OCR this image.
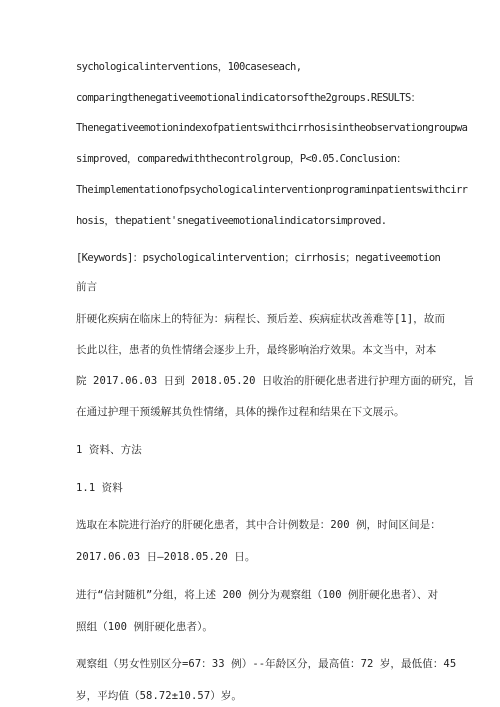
sychologicalinterventions，100caseseach,
comparingthenegativeemotionalindicatorsofthe2groups.RESULTS：
Thenegativeemotionindexofpatientswithcirrhosisintheobservationgroupwa
simproved，comparedwiththecontrolgroup，P<0.05.Conclusion：
Theimplementationofpsychologicalinterventionprograminpatientswithcirr
hosis，thepatient'snegativeemotionalindicatorsimproved.
[Keywords]：psychologicalintervention；cirrhosis；negativeemotion
前言
肝硬化疾病在临床上的特征为：病程长、预后差、疾病症状改善难等[1]，故而
长此以往，患者的负性情绪会逐步上升，最终影响治疗效果。本文当中，对本
院 2017.06.03 日到 2018.05.20 日收治的肝硬化患者进行护理方面的研究，旨
在通过护理干预缓解其负性情绪，具体的操作过程和结果在下文展示。
1 资料、方法
1.1 资料
选取在本院进行治疗的肝硬化患者，其中合计例数是：200 例，时间区间是：
2017.06.03 日—2018.05.20 日。
进行“信封随机”分组，将上述 200 例分为观察组（100 例肝硬化患者）、对
照组（100 例肝硬化患者）。
观察组（男女性别区分=67：33 例）--年龄区分，最高值：72 岁，最低值：45
岁，平均值（58.72±10.57）岁。
